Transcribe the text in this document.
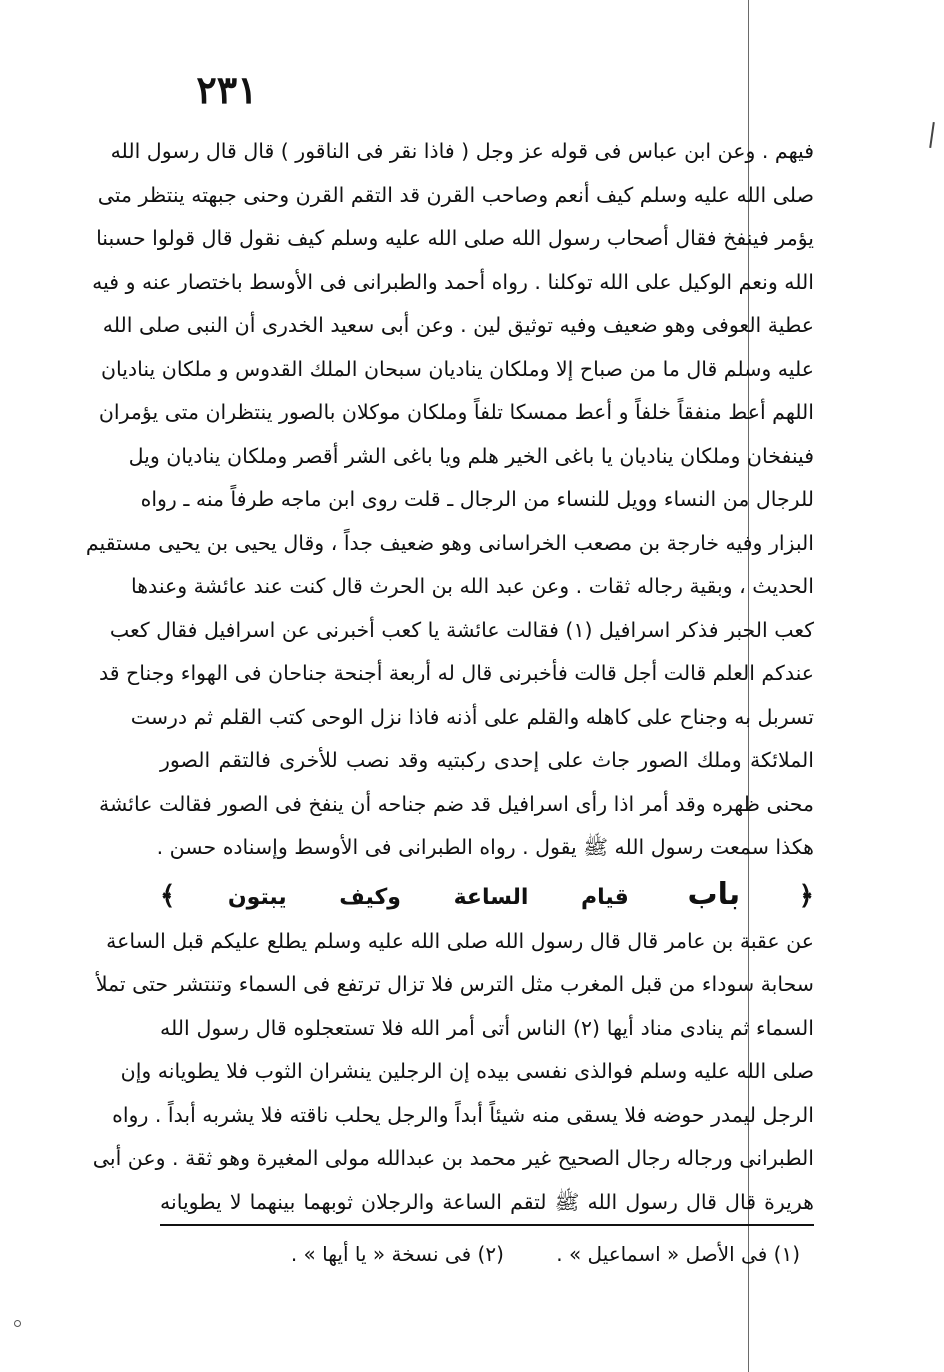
٢٣١
فيهم . وعن ابن عباس فى قوله عز وجل ( فاذا نقر فى الناقور ) قال قال رسول الله
صلى الله عليه وسلم كيف أنعم وصاحب القرن قد التقم القرن وحنى جبهته ينتظر متى
يؤمر فينفخ فقال أصحاب رسول الله صلى الله عليه وسلم كيف نقول قال قولوا حسبنا
الله ونعم الوكيل على الله توكلنا . رواه أحمد والطبرانى فى الأوسط باختصار عنه و فيه
عطية العوفى وهو ضعيف وفيه توثيق لين . وعن أبى سعيد الخدرى أن النبى صلى الله
عليه وسلم قال ما من صباح إلا وملكان يناديان سبحان الملك القدوس و ملكان يناديان
اللهم أعط منفقاً خلفاً و أعط ممسكا تلفاً وملكان موكلان بالصور ينتظران متى يؤمران
فينفخان وملكان يناديان يا باغى الخير هلم ويا باغى الشر أقصر وملكان يناديان ويل
للرجال من النساء وويل للنساء من الرجال ـ قلت روى ابن ماجه طرفاً منه ـ رواه
البزار وفيه خارجة بن مصعب الخراسانى وهو ضعيف جداً ، وقال يحيى بن يحيى مستقيم
الحديث ، وبقية رجاله ثقات . وعن عبد الله بن الحرث قال كنت عند عائشة وعندها
كعب الحبر فذكر اسرافيل (١) فقالت عائشة يا كعب أخبرنى عن اسرافيل فقال كعب
عندكم العلم قالت أجل قالت فأخبرنى قال له أربعة أجنحة جناحان فى الهواء وجناح قد
تسربل به وجناح على كاهله والقلم على أذنه فاذا نزل الوحى كتب القلم ثم درست
الملائكة وملك الصور جاث على إحدى ركبتيه وقد نصب للأخرى فالتقم الصور
محنى ظهره وقد أمر اذا رأى اسرافيل قد ضم جناحه أن ينفخ فى الصور فقالت عائشة
هكذا سمعت رسول الله ﷺ يقول . رواه الطبرانى فى الأوسط وإسناده حسن .
﴿ باب قيام الساعة وكيف يبتون ﴾
عن عقبة بن عامر قال قال رسول الله صلى الله عليه وسلم يطلع عليكم قبل الساعة
سحابة سوداء من قبل المغرب مثل الترس فلا تزال ترتفع فى السماء وتنتشر حتى تملأ
السماء ثم ينادى مناد أيها (٢) الناس أتى أمر الله فلا تستعجلوه قال رسول الله
صلى الله عليه وسلم فوالذى نفسى بيده إن الرجلين ينشران الثوب فلا يطويانه وإن
الرجل ليمدر حوضه فلا يسقى منه شيئاً أبداً والرجل يحلب ناقته فلا يشربه أبداً . رواه
الطبرانى ورجاله رجال الصحيح غير محمد بن عبدالله مولى المغيرة وهو ثقة . وعن أبى
هريرة قال قال رسول الله ﷺ لتقم الساعة والرجلان ثوبهما بينهما لا يطويانه
(١) فى الأصل « اسماعيل » . (٢) فى نسخة « يا أيها » .
